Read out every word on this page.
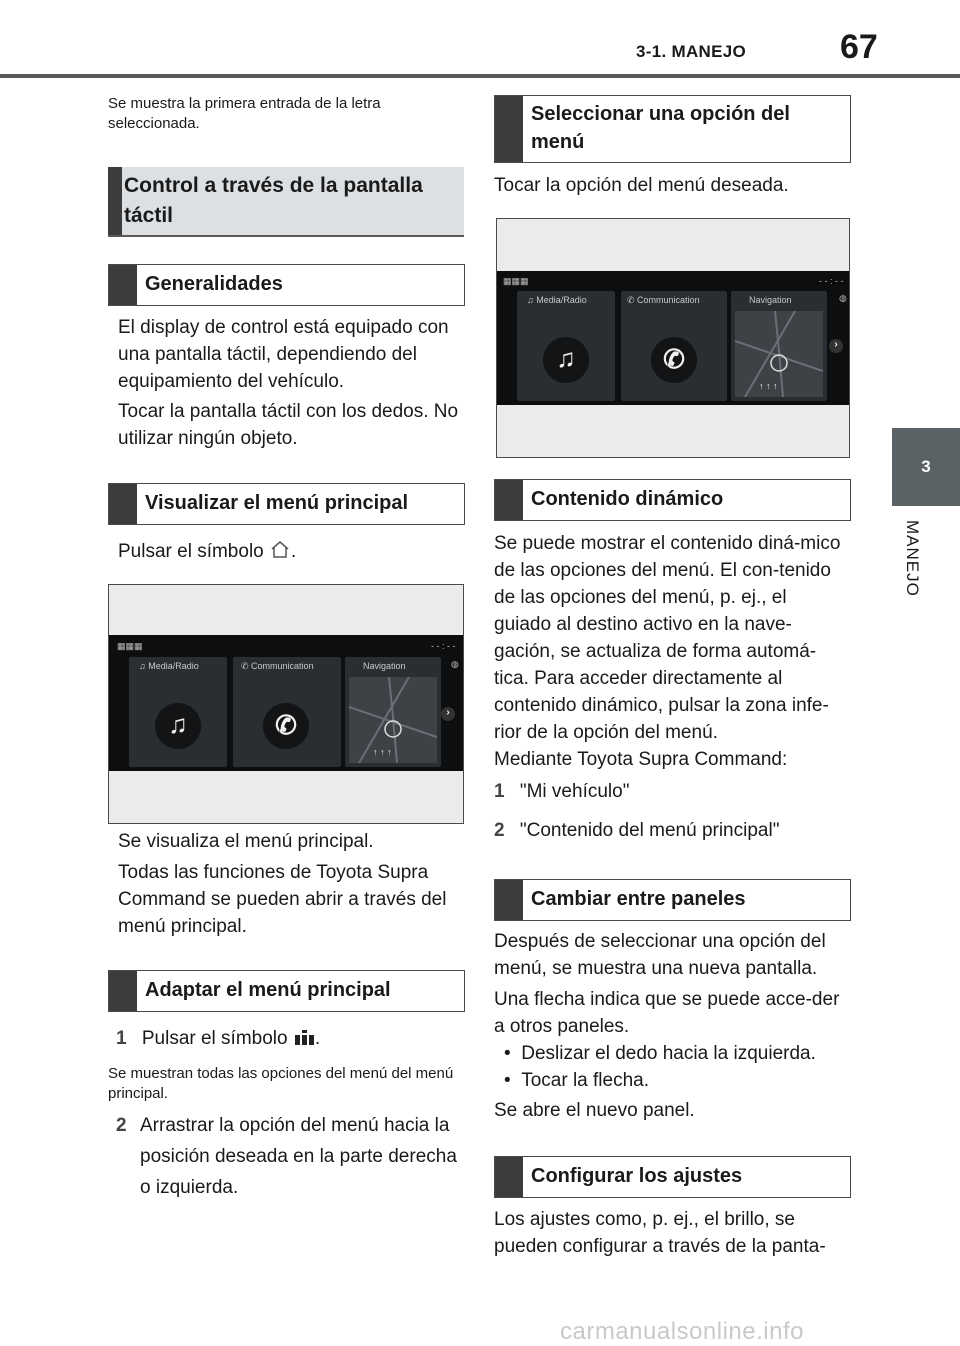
3-1. MANEJO	67
3
MANEJO
Se muestra la primera entrada de la letra seleccionada.
Control a través de la pantalla táctil
Generalidades
El display de control está equipado con una pantalla táctil, dependiendo del equipamiento del vehículo.
Tocar la pantalla táctil con los dedos. No utilizar ningún objeto.
Visualizar el menú principal
Pulsar el símbolo .
▦▦▦	- - : - -
♫ Media/Radio
♫
✆ Communication
✆
Navigation
↑ ↑ ↑
›
◍
Se visualiza el menú principal.
Todas las funciones de Toyota Supra Command se pueden abrir a través del menú principal.
Adaptar el menú principal
1 Pulsar el símbolo .
Se muestran todas las opciones del menú del menú principal.
2 Arrastrar la opción del menú hacia la posición deseada en la parte derecha o izquierda.
Seleccionar una opción del menú
Tocar la opción del menú deseada.
▦▦▦	- - : - -
♫ Media/Radio
♫
✆ Communication
✆
Navigation
↑ ↑ ↑
›
◍
Contenido dinámico
Se puede mostrar el contenido diná-mico de las opciones del menú. El con-tenido de las opciones del menú, p. ej., el guiado al destino activo en la nave-gación, se actualiza de forma automá-tica. Para acceder directamente al contenido dinámico, pulsar la zona infe-rior de la opción del menú.
Mediante Toyota Supra Command:
1 "Mi vehículo"
2 "Contenido del menú principal"
Cambiar entre paneles
Después de seleccionar una opción del menú, se muestra una nueva pantalla.
Una flecha indica que se puede acce-der a otros paneles.
•  Deslizar el dedo hacia la izquierda.
•  Tocar la flecha.
Se abre el nuevo panel.
Configurar los ajustes
Los ajustes como, p. ej., el brillo, se pueden configurar a través de la panta-
carmanualsonline.info
